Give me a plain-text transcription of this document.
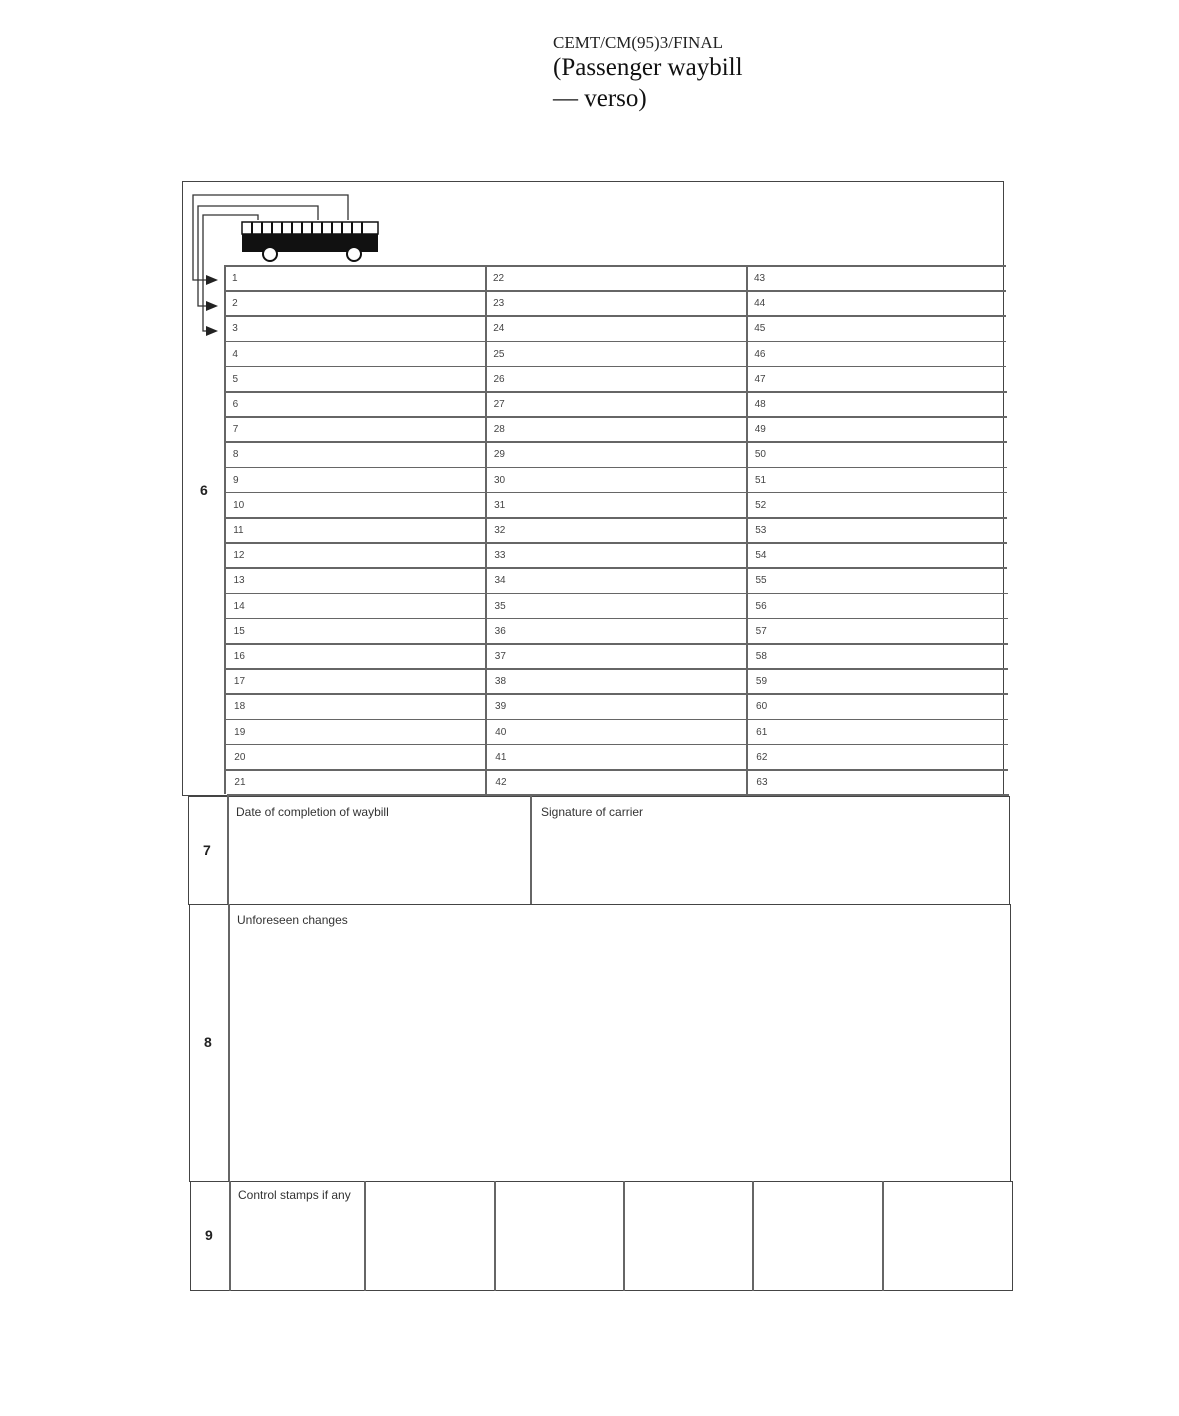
CEMT/CM(95)3/FINAL
(Passenger waybill — verso)
6
1
2
3
4
5
6
7
8
9
10
11
12
13
14
15
16
17
18
19
20
21
22
23
24
25
26
27
28
29
30
31
32
33
34
35
36
37
38
39
40
41
42
43
44
45
46
47
48
49
50
51
52
53
54
55
56
57
58
59
60
61
62
63
7
Date of completion of waybill	Signature of carrier
8
Unforeseen changes
9
Control stamps if any
